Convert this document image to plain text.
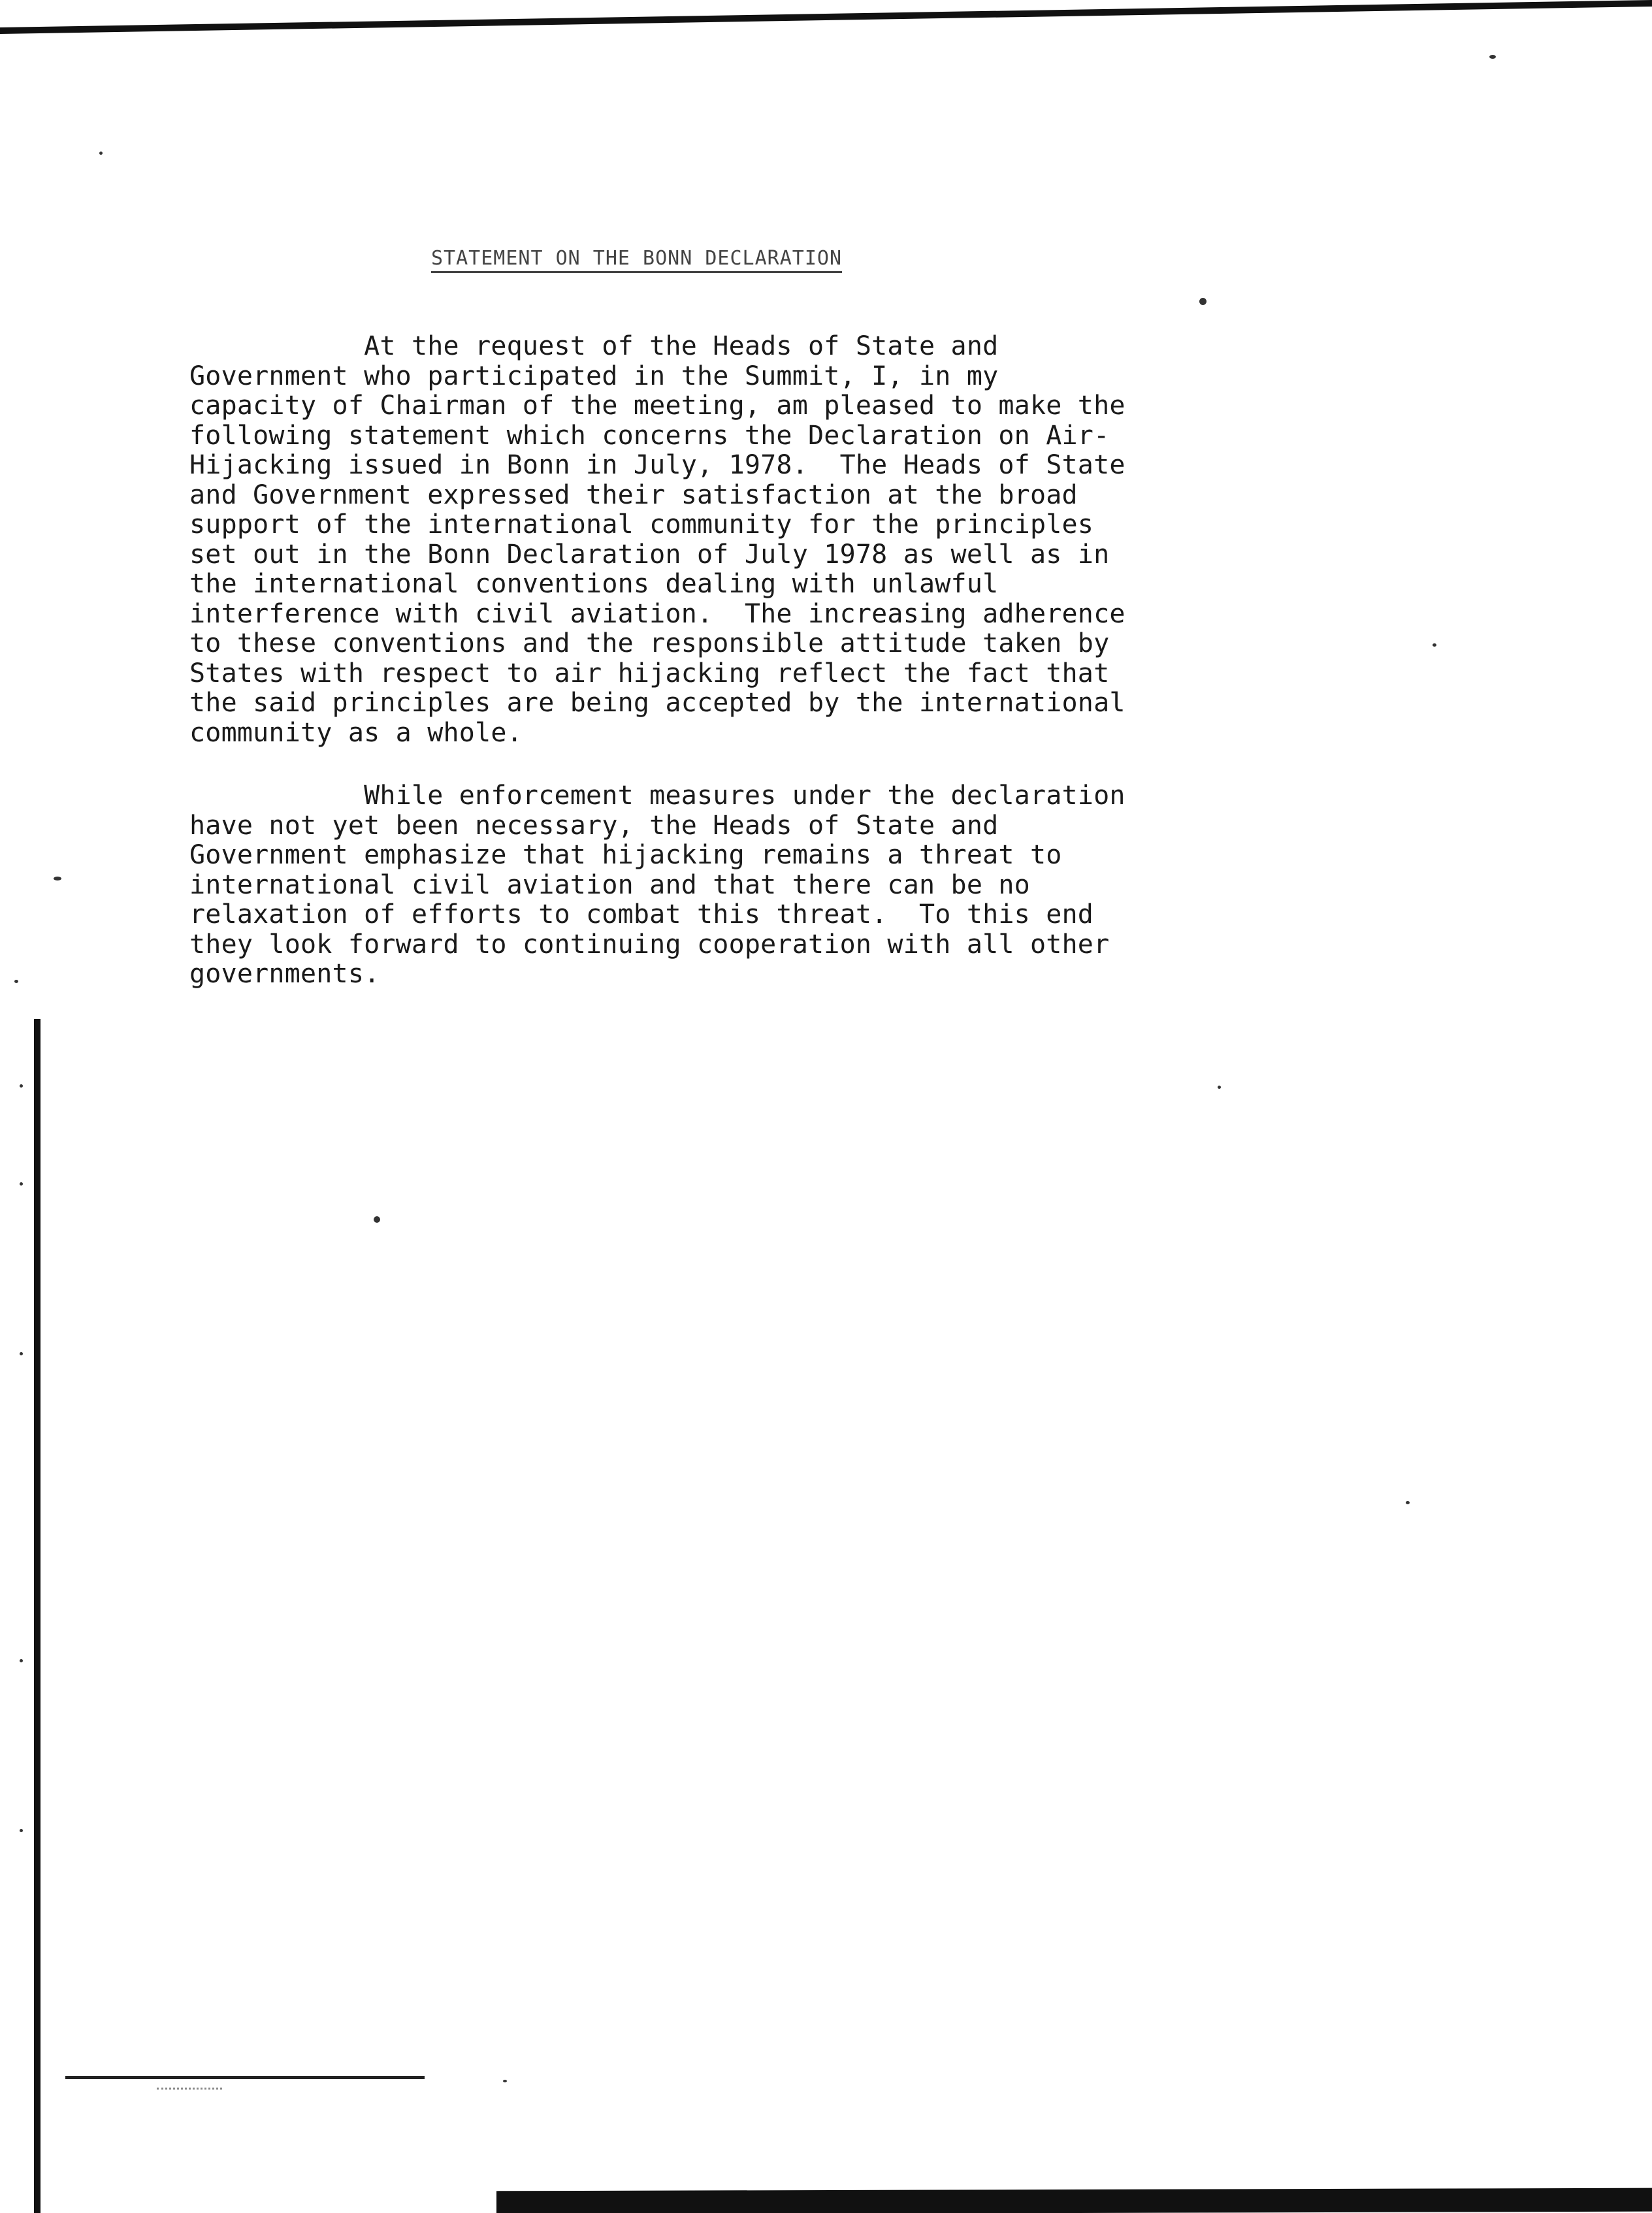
STATEMENT ON THE BONN DECLARATION

At the request of the Heads of State and
Government who participated in the Summit, I, in my
capacity of Chairman of the meeting, am pleased to make the
following statement which concerns the Declaration on Air-
Hijacking issued in Bonn in July, 1978.  The Heads of State
and Government expressed their satisfaction at the broad
support of the international community for the principles
set out in the Bonn Declaration of July 1978 as well as in
the international conventions dealing with unlawful
interference with civil aviation.  The increasing adherence
to these conventions and the responsible attitude taken by
States with respect to air hijacking reflect the fact that
the said principles are being accepted by the international
community as a whole.

While enforcement measures under the declaration
have not yet been necessary, the Heads of State and
Government emphasize that hijacking remains a threat to
international civil aviation and that there can be no
relaxation of efforts to combat this threat.  To this end
they look forward to continuing cooperation with all other
governments.
